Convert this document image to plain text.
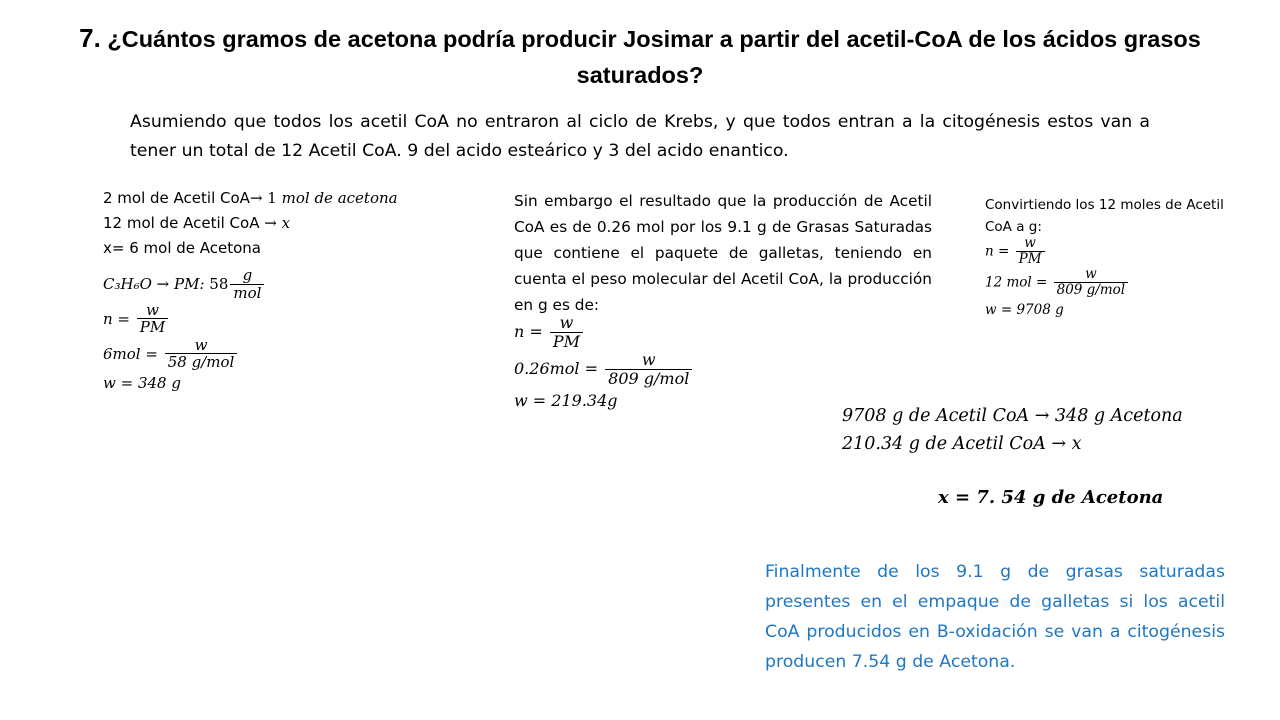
7. ¿Cuántos gramos de acetona podría producir Josimar a partir del acetil-CoA de los ácidos grasos saturados?
Asumiendo que todos los acetil CoA no entraron al ciclo de Krebs, y que todos entran a la citogénesis estos van a tener un total de 12 Acetil CoA. 9 del acido esteárico y 3 del acido enantico.
2 mol de Acetil CoA→ 1 mol de acetona
12 mol de Acetil CoA → x
x= 6 mol de Acetona
C₃H₆O → PM: $58 \frac{g}{\text{mol}}$
$n = \frac{w}{PM}$
$6mol = \frac{w}{\text{58 g/mol}}$
w = 348 g
Sin embargo el resultado que la producción de Acetil CoA es de 0.26 mol por los 9.1 g de Grasas Saturadas que contiene el paquete de galletas, teniendo en cuenta el peso molecular del Acetil CoA, la producción en g es de:
$n = \frac{w}{PM}$
$0.26mol = \frac{w}{\text{809 g/mol}}$
w = 219.34g
Convirtiendo los 12 moles de Acetil CoA a g:
$n = \frac{w}{PM}$
12 mol = $\frac{w}{\text{809 g/mol}}$
w = 9708 g
9708 g de Acetil CoA → 348 g Acetona
210.34 g de Acetil CoA → x
x = 7. 54 g de Acetona
Finalmente de los 9.1 g de grasas saturadas presentes en el empaque de galletas si los acetil CoA producidos en B-oxidación se van a citogénesis producen 7.54 g de Acetona.
